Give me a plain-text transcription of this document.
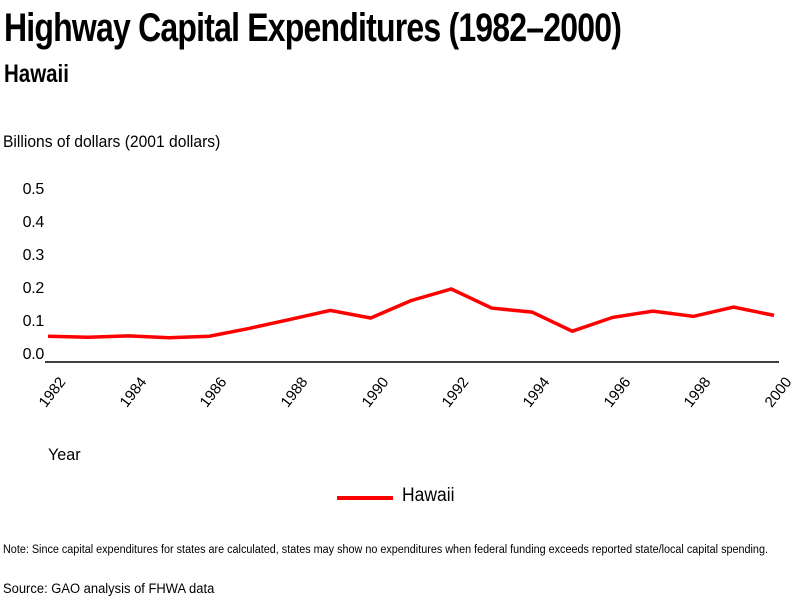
Highway Capital Expenditures (1982–2000)
Hawaii
Billions of dollars (2001 dollars)
0.0
0.1
0.2
0.3
0.4
0.5
1982	1984	1986	1988	1990	1992	1994	1996	1998	2000
Year
Hawaii
Note: Since capital expenditures for states are calculated, states may show no expenditures when federal funding exceeds reported state/local capital spending.
Source: GAO analysis of FHWA data
